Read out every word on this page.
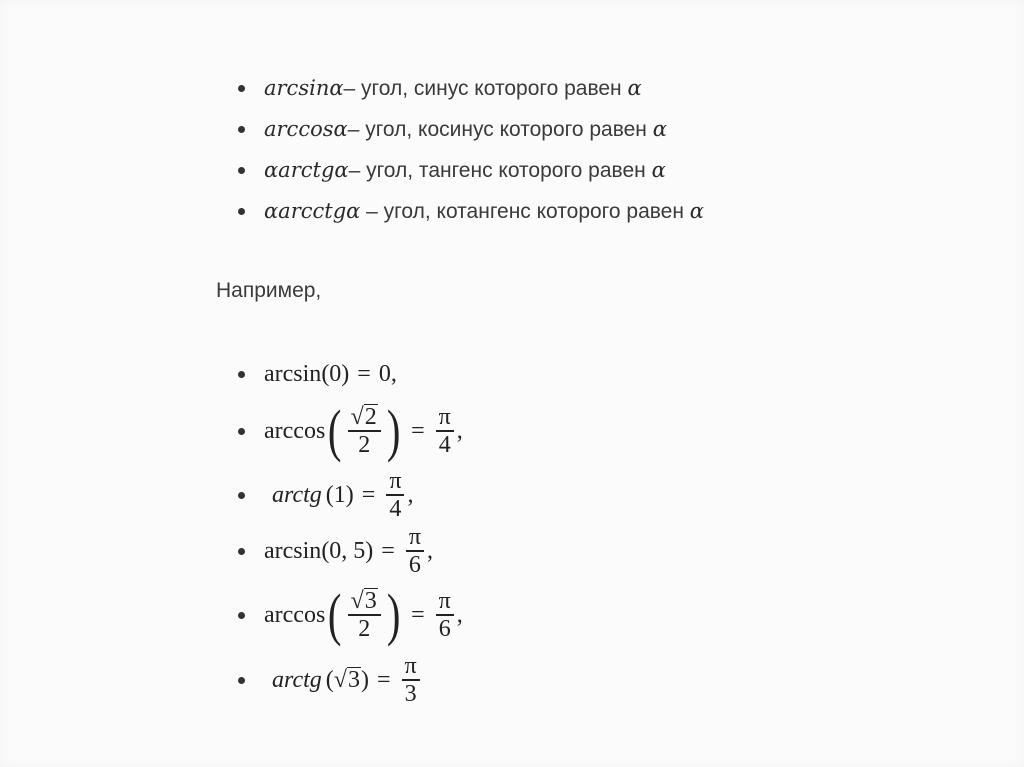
arcsinα– угол, синус которого равен α
arccosα– угол, косинус которого равен α
αarctgα– угол, тангенс которого равен α
αarcctgα – угол, котангенс которого равен α
Например,
arcsin (0) = 0,
arccos ( $\frac{√ 2}{2}$ ) = $\frac{\pi}{4}$ ,
arctg $(1) = \frac{\pi}{4}$ ,
arcsin (0, $5) = \frac{\pi}{6}$ ,
arccos ( $\frac{√ 3}{2}$ ) = $\frac{\pi}{6}$ ,
arctg ( √ 3 ) = $\frac{\pi}{3}$
